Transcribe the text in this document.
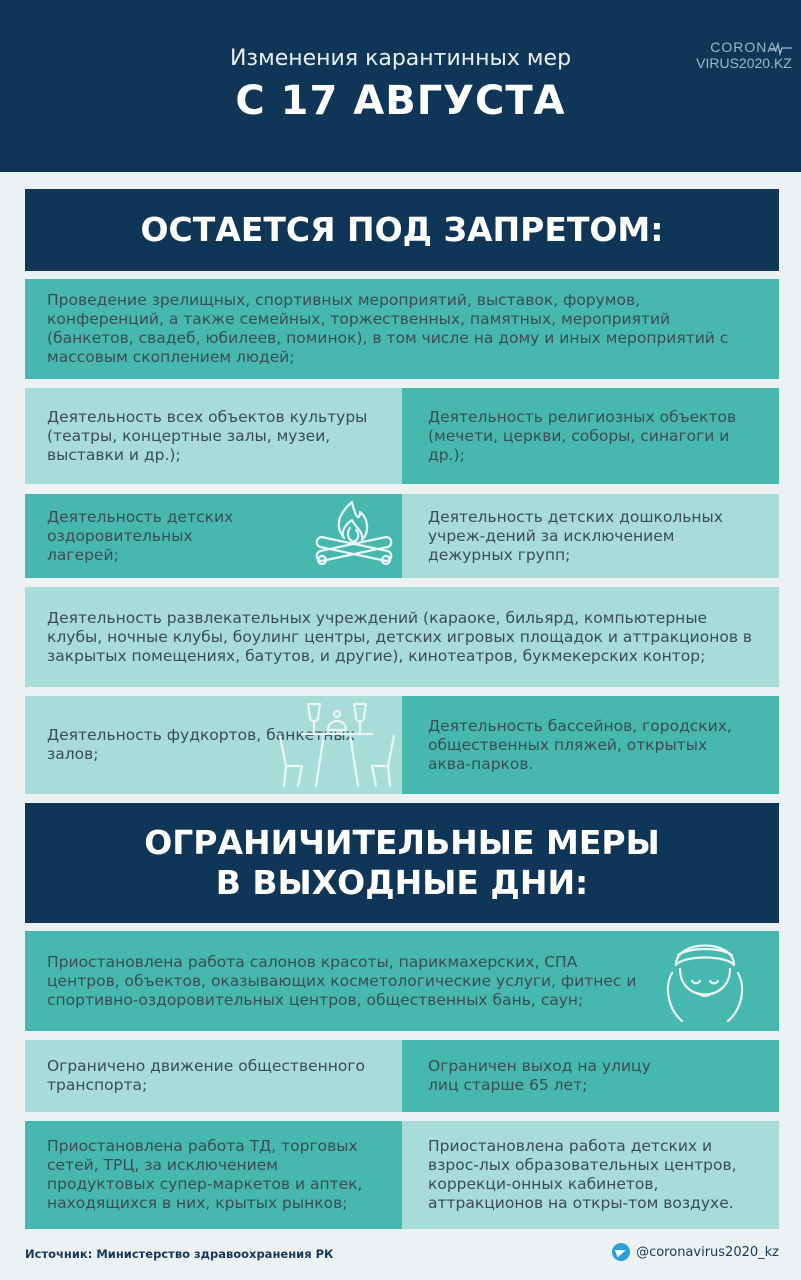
Изменения карантинных мер
С 17 АВГУСТА
CORONA
VIRUS2020.KZ
ОСТАЕТСЯ ПОД ЗАПРЕТОМ:
Проведение зрелищных, спортивных мероприятий, выставок, форумов, конференций, а также семейных, торжественных, памятных, мероприятий (банкетов, свадеб, юбилеев, поминок), в том числе на дому и иных мероприятий с массовым скоплением людей;
Деятельность всех объектов культуры (театры, концертные залы, музеи, выставки и др.);
Деятельность религиозных объектов (мечети, церкви, соборы, синагоги и др.);
Деятельность детских оздоровительных лагерей;
Деятельность детских дошкольных учреж-дений за исключением дежурных групп;
Деятельность развлекательных учреждений (караоке, бильярд, компьютерные клубы, ночные клубы, боулинг центры, детских игровых площадок и аттракционов в закрытых помещениях, батутов, и другие), кинотеатров, букмекерских контор;
Деятельность фудкортов, банкетных залов;
Деятельность бассейнов, городских, общественных пляжей, открытых аква-парков.
ОГРАНИЧИТЕЛЬНЫЕ МЕРЫ
В ВЫХОДНЫЕ ДНИ:
Приостановлена работа салонов красоты, парикмахерских, СПА центров, объектов, оказывающих косметологические услуги, фитнес и спортивно-оздоровительных центров, общественных бань, саун;
Ограничено движение общественного транспорта;
Ограничен выход на улицу лиц старше 65 лет;
Приостановлена работа ТД, торговых сетей, ТРЦ, за исключением продуктовых супер-маркетов и аптек, находящихся в них, крытых рынков;
Приостановлена работа детских и взрос-лых образовательных центров, коррекци-онных кабинетов, аттракционов на откры-том воздухе.
Источник: Министерство здравоохранения РК	@coronavirus2020_kz
